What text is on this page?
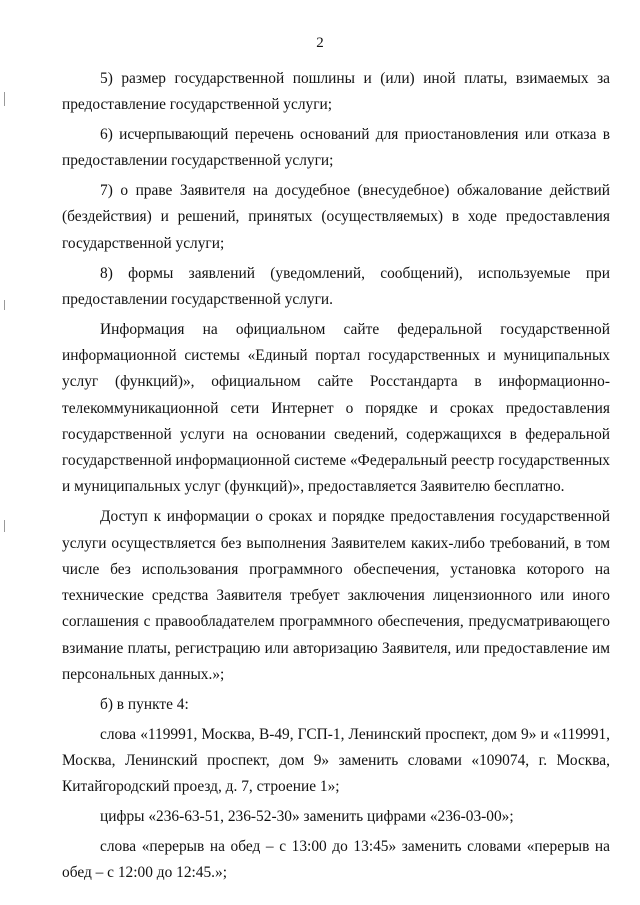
2

5) размер государственной пошлины и (или) иной платы, взимаемых за предоставление государственной услуги;

6) исчерпывающий перечень оснований для приостановления или отказа в предоставлении государственной услуги;

7) о праве Заявителя на досудебное (внесудебное) обжалование действий (бездействия) и решений, принятых (осуществляемых) в ходе предоставления государственной услуги;

8) формы заявлений (уведомлений, сообщений), используемые при предоставлении государственной услуги.

Информация на официальном сайте федеральной государственной информационной системы «Единый портал государственных и муниципальных услуг (функций)», официальном сайте Росстандарта в информационно-телекоммуникационной сети Интернет о порядке и сроках предоставления государственной услуги на основании сведений, содержащихся в федеральной государственной информационной системе «Федеральный реестр государственных и муниципальных услуг (функций)», предоставляется Заявителю бесплатно.

Доступ к информации о сроках и порядке предоставления государственной услуги осуществляется без выполнения Заявителем каких-либо требований, в том числе без использования программного обеспечения, установка которого на технические средства Заявителя требует заключения лицензионного или иного соглашения с правообладателем программного обеспечения, предусматривающего взимание платы, регистрацию или авторизацию Заявителя, или предоставление им персональных данных.»;

б) в пункте 4:

слова «119991, Москва, В-49, ГСП-1, Ленинский проспект, дом 9» и «119991, Москва, Ленинский проспект, дом 9» заменить словами «109074, г. Москва, Китайгородский проезд, д. 7, строение 1»;

цифры «236-63-51, 236-52-30» заменить цифрами «236-03-00»;

слова «перерыв на обед – с 13:00 до 13:45» заменить словами «перерыв на обед – с 12:00 до 12:45.»;
